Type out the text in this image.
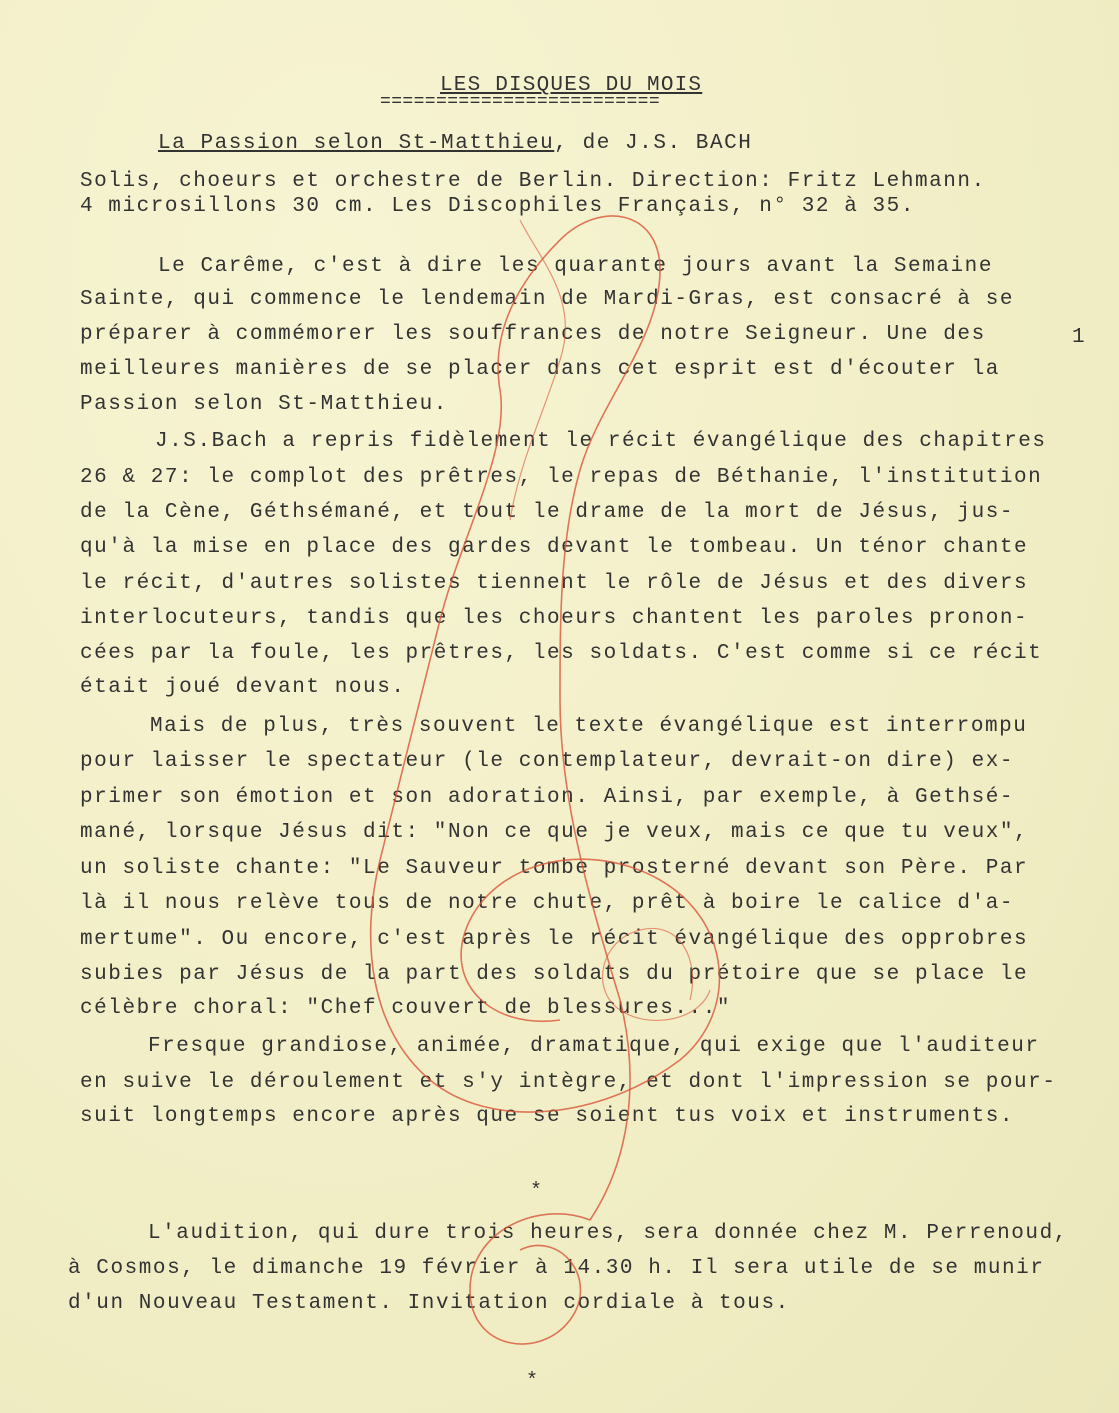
LES DISQUES DU MOIS
=========================
La Passion selon St-Matthieu, de J.S. BACH
Solis, choeurs et orchestre de Berlin. Direction: Fritz Lehmann.
4 microsillons 30 cm. Les Discophiles Français, n° 32 à 35.
Le Carême, c'est à dire les quarante jours avant la Semaine
Sainte, qui commence le lendemain de Mardi-Gras, est consacré à se
préparer à commémorer les souffrances de notre Seigneur. Une des
meilleures manières de se placer dans cet esprit est d'écouter la
Passion selon St-Matthieu.
1
J.S.Bach a repris fidèlement le récit évangélique des chapitres
26 & 27: le complot des prêtres, le repas de Béthanie, l'institution
de la Cène, Géthsémané, et tout le drame de la mort de Jésus, jus-
qu'à la mise en place des gardes devant le tombeau. Un ténor chante
le récit, d'autres solistes tiennent le rôle de Jésus et des divers
interlocuteurs, tandis que les choeurs chantent les paroles pronon-
cées par la foule, les prêtres, les soldats. C'est comme si ce récit
était joué devant nous.
Mais de plus, très souvent le texte évangélique est interrompu
pour laisser le spectateur (le contemplateur, devrait-on dire) ex-
primer son émotion et son adoration. Ainsi, par exemple, à Gethsé-
mané, lorsque Jésus dit: "Non ce que je veux, mais ce que tu veux",
un soliste chante: "Le Sauveur tombe prosterné devant son Père. Par
là il nous relève tous de notre chute, prêt à boire le calice d'a-
mertume". Ou encore, c'est après le récit évangélique des opprobres
subies par Jésus de la part des soldats du prétoire que se place le
célèbre choral: "Chef couvert de blessures..."
Fresque grandiose, animée, dramatique, qui exige que l'auditeur
en suive le déroulement et s'y intègre, et dont l'impression se pour-
suit longtemps encore après que se soient tus voix et instruments.
*
L'audition, qui dure trois heures, sera donnée chez M. Perrenoud,
à Cosmos, le dimanche 19 février à 14.30 h. Il sera utile de se munir
d'un Nouveau Testament. Invitation cordiale à tous.
*
